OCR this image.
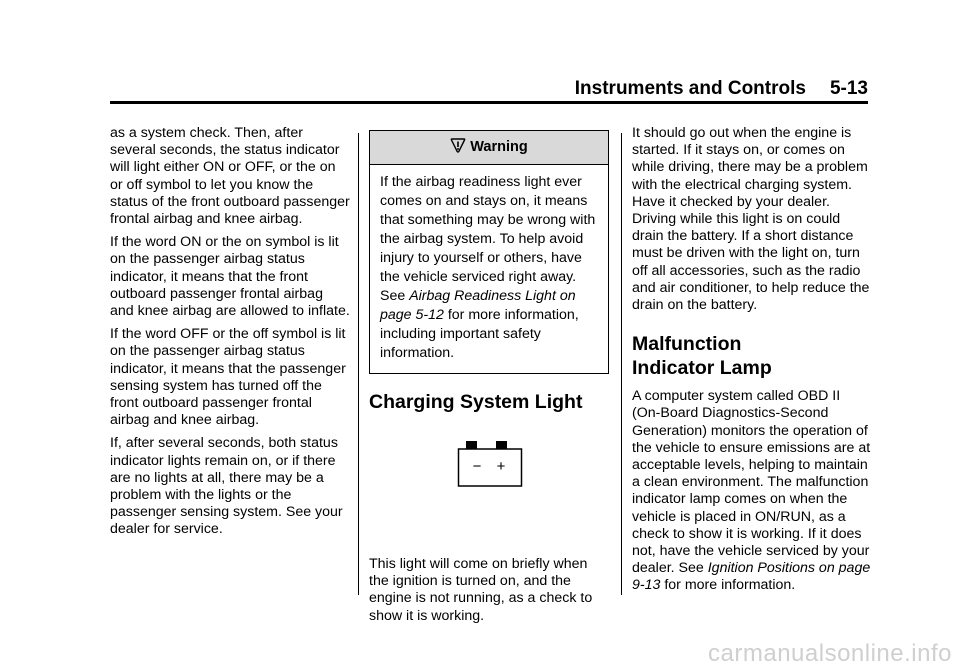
Instruments and Controls 5-13

as a system check. Then, after several seconds, the status indicator will light either ON or OFF, or the on or off symbol to let you know the status of the front outboard passenger frontal airbag and knee airbag.

If the word ON or the on symbol is lit on the passenger airbag status indicator, it means that the front outboard passenger frontal airbag and knee airbag are allowed to inflate.

If the word OFF or the off symbol is lit on the passenger airbag status indicator, it means that the passenger sensing system has turned off the front outboard passenger frontal airbag and knee airbag.

If, after several seconds, both status indicator lights remain on, or if there are no lights at all, there may be a problem with the lights or the passenger sensing system. See your dealer for service.

Warning
If the airbag readiness light ever comes on and stays on, it means that something may be wrong with the airbag system. To help avoid injury to yourself or others, have the vehicle serviced right away. See Airbag Readiness Light on page 5-12 for more information, including important safety information.
Charging System Light
− +

This light will come on briefly when the ignition is turned on, and the engine is not running, as a check to show it is working.

It should go out when the engine is started. If it stays on, or comes on while driving, there may be a problem with the electrical charging system. Have it checked by your dealer. Driving while this light is on could drain the battery. If a short distance must be driven with the light on, turn off all accessories, such as the radio and air conditioner, to help reduce the drain on the battery.

Malfunction
Indicator Lamp

A computer system called OBD II (On-Board Diagnostics-Second Generation) monitors the operation of the vehicle to ensure emissions are at acceptable levels, helping to maintain a clean environment. The malfunction indicator lamp comes on when the vehicle is placed in ON/RUN, as a check to show it is working. If it does not, have the vehicle serviced by your dealer. See Ignition Positions on page 9-13 for more information.

carmanualsonline.info
